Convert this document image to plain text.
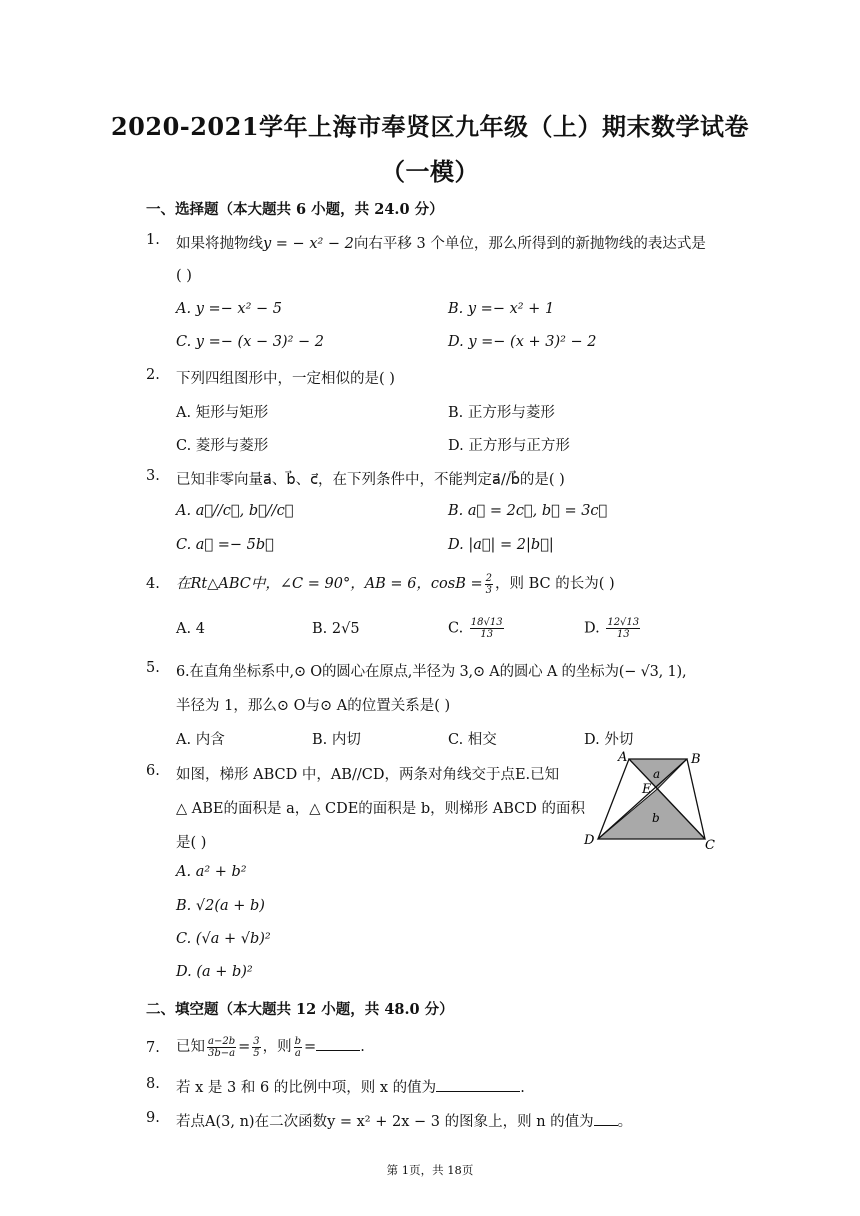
2020-2021学年上海市奉贤区九年级（上）期末数学试卷
（一模）
一、选择题（本大题共 6 小题，共 24.0 分）
1. 如果将抛物线y = − x² − 2向右平移 3 个单位，那么所得到的新抛物线的表达式是
( )
A. y =− x² − 5	B. y =− x² + 1
C. y =− (x − 3)² − 2	D. y =− (x + 3)² − 2
2. 下列四组图形中，一定相似的是( )
A. 矩形与矩形	B. 正方形与菱形
C. 菱形与菱形	D. 正方形与正方形
3. 已知非零向量a⃗、b⃗、c⃗，在下列条件中，不能判定a⃗//b⃗的是( )
A. a⃗//c⃗, b⃗//c⃗	B. a⃗ = 2c⃗, b⃗ = 3c⃗
C. a⃗ =− 5b⃗	D. |a⃗| = 2|b⃗|
4. 在Rt△ABC中，∠C = 90°，AB = 6，$\cos B = \frac{2}{3}$ ，则 BC 的长为( )
A. 4	B. 2√5	C. $\frac{18√13}{13}$	D. $\frac{12√13}{13}$
5. 6.在直角坐标系中,⊙ O的圆心在原点,半径为 3,⊙ A的圆心 A 的坐标为(− √3, 1),
半径为 1，那么⊙ O与⊙ A的位置关系是( )
A. 内含	B. 内切	C. 相交	D. 外切
6. 如图，梯形 ABCD 中，AB//CD，两条对角线交于点E.已知
△ ABE的面积是 a，△ CDE的面积是 b，则梯形 ABCD 的面积
是( )
A. a² + b²
B. √2(a + b)
C. (√a + √b)²
D. (a + b)²
A	B
C
D
E
a
b
二、填空题（本大题共 12 小题，共 48.0 分）
7. 已知 $\frac{a-2b}{3b-a} = \frac{3}{5}$ ，则 $\frac{b}{a}$ =	.
8. 若 x 是 3 和 6 的比例中项，则 x 的值为	.
9. 若点A(3, n)在二次函数y = x² + 2x − 3 的图象上，则 n 的值为 。
第 1页，共 18页
